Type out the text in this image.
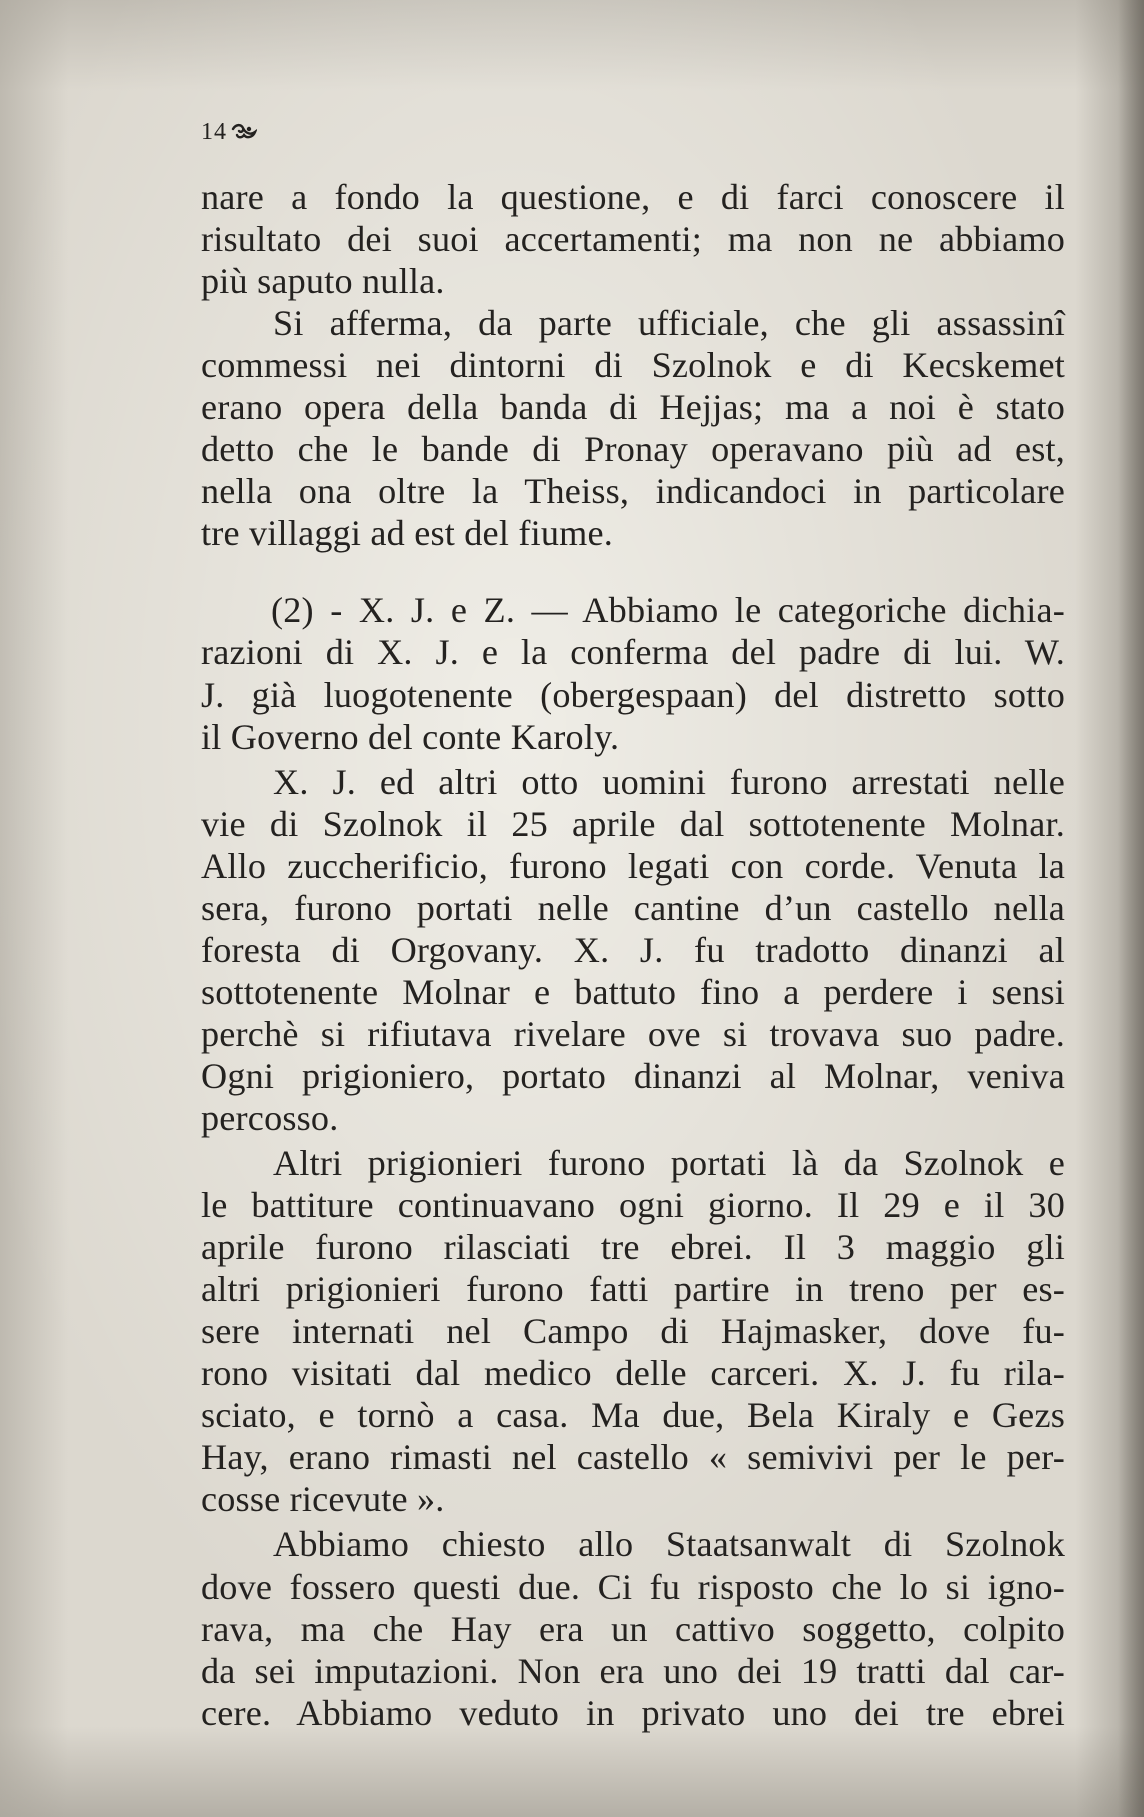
14
nare a fondo la questione, e di farci conoscere il
risultato dei suoi accertamenti; ma non ne abbiamo
più saputo nulla.
Si afferma, da parte ufficiale, che gli assassinî
commessi nei dintorni di Szolnok e di Kecskemet
erano opera della banda di Hejjas; ma a noi è stato
detto che le bande di Pronay operavano più ad est,
nella ona oltre la Theiss, indicandoci in particolare
tre villaggi ad est del fiume.
(2) - X. J. e Z. — Abbiamo le categoriche dichia-
razioni di X. J. e la conferma del padre di lui. W.
J. già luogotenente (obergespaan) del distretto sotto
il Governo del conte Karoly.
X. J. ed altri otto uomini furono arrestati nelle
vie di Szolnok il 25 aprile dal sottotenente Molnar.
Allo zuccherificio, furono legati con corde. Venuta la
sera, furono portati nelle cantine d’un castello nella
foresta di Orgovany. X. J. fu tradotto dinanzi al
sottotenente Molnar e battuto fino a perdere i sensi
perchè si rifiutava rivelare ove si trovava suo padre.
Ogni prigioniero, portato dinanzi al Molnar, veniva
percosso.
Altri prigionieri furono portati là da Szolnok e
le battiture continuavano ogni giorno. Il 29 e il 30
aprile furono rilasciati tre ebrei. Il 3 maggio gli
altri prigionieri furono fatti partire in treno per es-
sere internati nel Campo di Hajmasker, dove fu-
rono visitati dal medico delle carceri. X. J. fu rila-
sciato, e tornò a casa. Ma due, Bela Kiraly e Gezs
Hay, erano rimasti nel castello « semivivi per le per-
cosse ricevute ».
Abbiamo chiesto allo Staatsanwalt di Szolnok
dove fossero questi due. Ci fu risposto che lo si igno-
rava, ma che Hay era un cattivo soggetto, colpito
da sei imputazioni. Non era uno dei 19 tratti dal car-
cere. Abbiamo veduto in privato uno dei tre ebrei
